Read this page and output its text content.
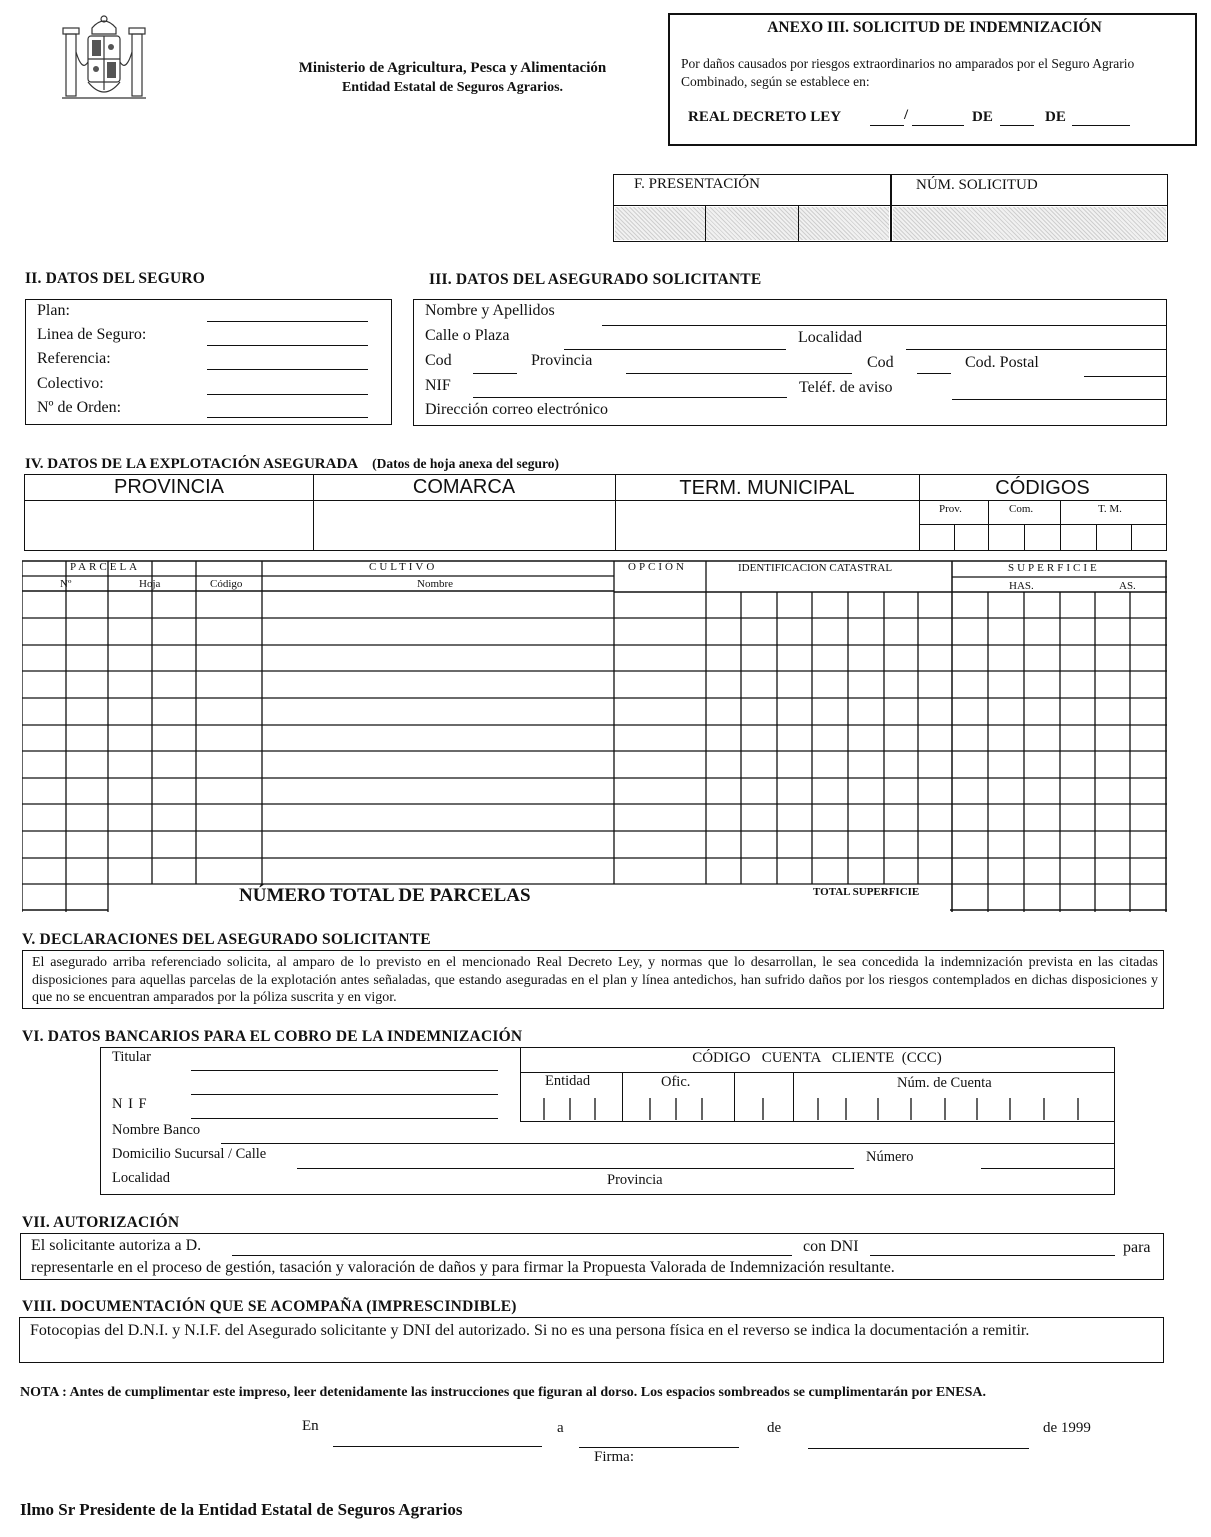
Ministerio de Agricultura, Pesca y Alimentación
Entidad Estatal de Seguros Agrarios.
ANEXO III. SOLICITUD DE INDEMNIZACIÓN
Por daños causados por riesgos extraordinarios no amparados por el Seguro Agrario Combinado, según se establece en:
REAL DECRETO LEY	/	DE	DE
F. PRESENTACIÓN	NÚM. SOLICITUD
II. DATOS DEL SEGURO
Plan:
Linea de Seguro:
Referencia:
Colectivo:
Nº de Orden:
III. DATOS DEL ASEGURADO SOLICITANTE
Nombre y Apellidos
Calle o Plaza	Localidad
Cod	Provincia	Cod	Cod. Postal
NIF	Teléf. de aviso
Dirección correo electrónico
IV. DATOS DE LA EXPLOTACIÓN ASEGURADA (Datos de hoja anexa del seguro)
PROVINCIA	COMARCA	TERM. MUNICIPAL	CÓDIGOS
Prov.	Com.	T. M.
PARCELA	CULTIVO	OPCIÓN	IDENTIFICACION CATASTRAL	SUPERFICIE
Nº	Hoja	Código	Nombre	HAS.	AS.
NÚMERO TOTAL DE PARCELAS	TOTAL SUPERFICIE
V. DECLARACIONES DEL ASEGURADO SOLICITANTE
El asegurado arriba referenciado solicita, al amparo de lo previsto en el mencionado Real Decreto Ley, y normas que lo desarrollan, le sea concedida la indemnización prevista en las citadas disposiciones para aquellas parcelas de la explotación antes señaladas, que estando aseguradas en el plan y línea antedichos, han sufrido daños por los riesgos contemplados en dichas disposiciones y que no se encuentran amparados por la póliza suscrita y en vigor.
VI. DATOS BANCARIOS PARA EL COBRO DE LA INDEMNIZACIÓN
Titular
N I F
Nombre Banco
Domicilio Sucursal / Calle	Número
Localidad	Provincia
CÓDIGO   CUENTA   CLIENTE  (CCC)
Entidad	Ofic.	Núm. de Cuenta
VII. AUTORIZACIÓN
El solicitante autoriza a D.	con DNI	para
representarle en el proceso de gestión, tasación y valoración de daños y para firmar la Propuesta Valorada de Indemnización resultante.
VIII. DOCUMENTACIÓN QUE SE ACOMPAÑA (IMPRESCINDIBLE)
Fotocopias del D.N.I. y N.I.F. del Asegurado solicitante y DNI del autorizado. Si no es una persona física en el reverso se indica la documentación a remitir.
NOTA : Antes de cumplimentar este impreso, leer detenidamente las instrucciones que figuran al dorso. Los espacios sombreados se cumplimentarán por ENESA.
En	a	de	de 1999
Firma:
Ilmo Sr Presidente de la Entidad Estatal de Seguros Agrarios
